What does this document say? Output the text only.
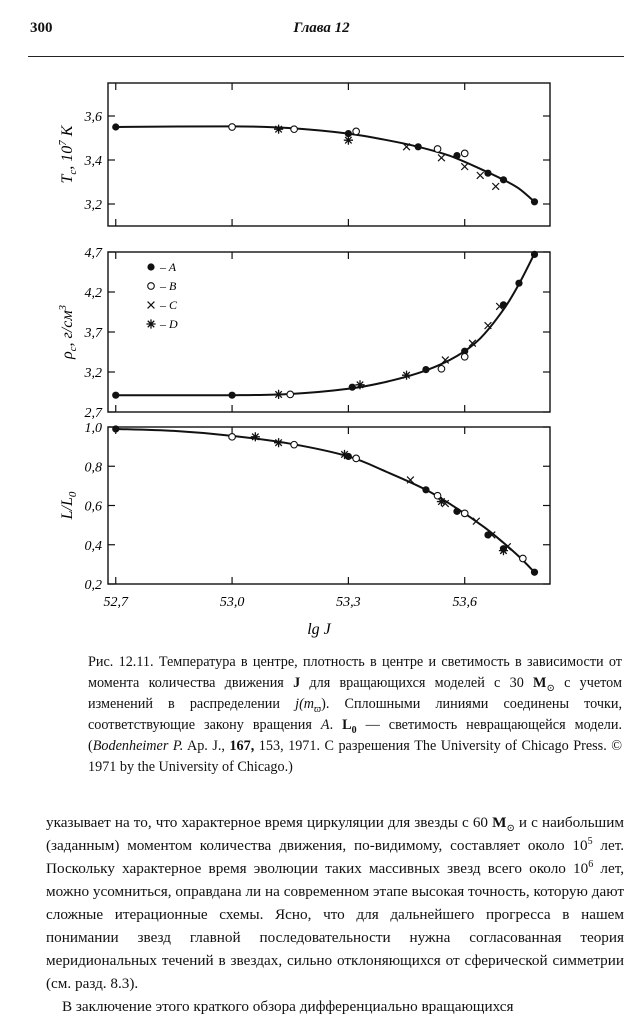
300	Глава 12
3,2
3,4
3,6
$T_c$, $10^7$ K
2,7
3,2
3,7
4,2
4,7
$\rho_c$, $г/см^3$
– A
– B
– C
– D
0,2
0,4
0,6
0,8
1,0
52,7	53,0	53,3	53,6
$L/L_0$
lg J
Рис. 12.11. Температура в центре, плотность в центре и светимость в зависимости от момента количества движения J для вращающихся моделей с 30 $M_⊙$ с учетом изменений в распределении $j(m_ϖ)$. Сплошными линиями соединены точки, соответствующие закону вращения A. $L_0$ — светимость невращающейся модели. (Bodenheimer P. Ap. J., 167, 153, 1971. С разрешения The University of Chicago Press. © 1971 by the University of Chicago.)

указывает на то, что характерное время циркуляции для звезды с 60 $M_⊙$ и с наибольшим (заданным) моментом количества движения, по-видимому, составляет около $10^5$ лет. Поскольку характерное время эволюции таких массивных звезд всего около $10^6$ лет, можно усомниться, оправдана ли на современном этапе высокая точность, которую дают сложные итерационные схемы. Ясно, что для дальнейшего прогресса в нашем понимании звезд главной последовательности нужна согласованная теория меридиональных течений в звездах, сильно отклоняющихся от сферической симметрии (см. разд. 8.3).

В заключение этого краткого обзора дифференциально вращающихся
